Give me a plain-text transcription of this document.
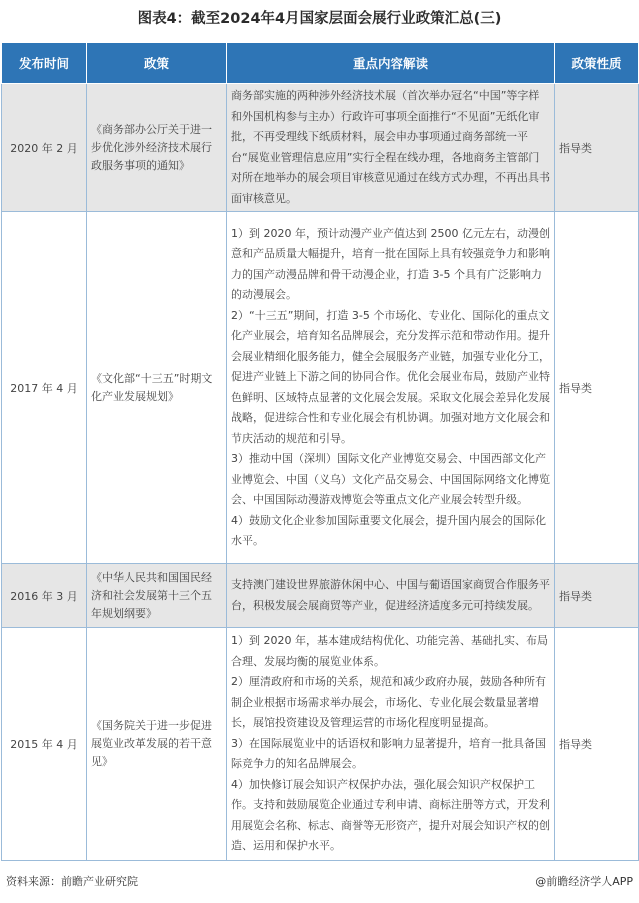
图表4：截至2024年4月国家层面会展行业政策汇总(三)
发布时间	政策	重点内容解读	政策性质
2020 年 2 月	《商务部办公厅关于进一步优化涉外经济技术展行政服务事项的通知》	商务部实施的两种涉外经济技术展（首次举办冠名“中国”等字样和外国机构参与主办）行政许可事项全面推行“不见面”无纸化审批，不再受理线下纸质材料，展会申办事项通过商务部统一平台“展览业管理信息应用”实行全程在线办理，各地商务主管部门对所在地举办的展会项目审核意见通过在线方式办理，不再出具书面审核意见。	指导类
2017 年 4 月	《文化部“十三五”时期文化产业发展规划》	1）到 2020 年，预计动漫产业产值达到 2500 亿元左右，动漫创意和产品质量大幅提升，培育一批在国际上具有较强竞争力和影响力的国产动漫品牌和骨干动漫企业，打造 3-5 个具有广泛影响力的动漫展会。

2）“十三五”期间，打造 3-5 个市场化、专业化、国际化的重点文化产业展会，培育知名品牌展会，充分发挥示范和带动作用。提升会展业精细化服务能力，健全会展服务产业链，加强专业化分工，促进产业链上下游之间的协同合作。优化会展业布局，鼓励产业特色鲜明、区域特点显著的文化展会发展。采取文化展会差异化发展战略，促进综合性和专业化展会有机协调。加强对地方文化展会和节庆活动的规范和引导。

3）推动中国（深圳）国际文化产业博览交易会、中国西部文化产业博览会、中国（义乌）文化产品交易会、中国国际网络文化博览会、中国国际动漫游戏博览会等重点文化产业展会转型升级。

4）鼓励文化企业参加国际重要文化展会，提升国内展会的国际化水平。	指导类
2016 年 3 月	《中华人民共和国国民经济和社会发展第十三个五年规划纲要》	支持澳门建设世界旅游休闲中心、中国与葡语国家商贸合作服务平台，积极发展会展商贸等产业，促进经济适度多元可持续发展。	指导类
2015 年 4 月	《国务院关于进一步促进展览业改革发展的若干意见》	1）到 2020 年，基本建成结构优化、功能完善、基础扎实、布局合理、发展均衡的展览业体系。

2）厘清政府和市场的关系，规范和减少政府办展，鼓励各种所有制企业根据市场需求举办展会，市场化、专业化展会数量显著增长，展馆投资建设及管理运营的市场化程度明显提高。

3）在国际展览业中的话语权和影响力显著提升，培育一批具备国际竞争力的知名品牌展会。

4）加快修订展会知识产权保护办法，强化展会知识产权保护工作。支持和鼓励展览企业通过专利申请、商标注册等方式，开发利用展览会名称、标志、商誉等无形资产，提升对展会知识产权的创造、运用和保护水平。	指导类
资料来源：前瞻产业研究院	@前瞻经济学人APP
